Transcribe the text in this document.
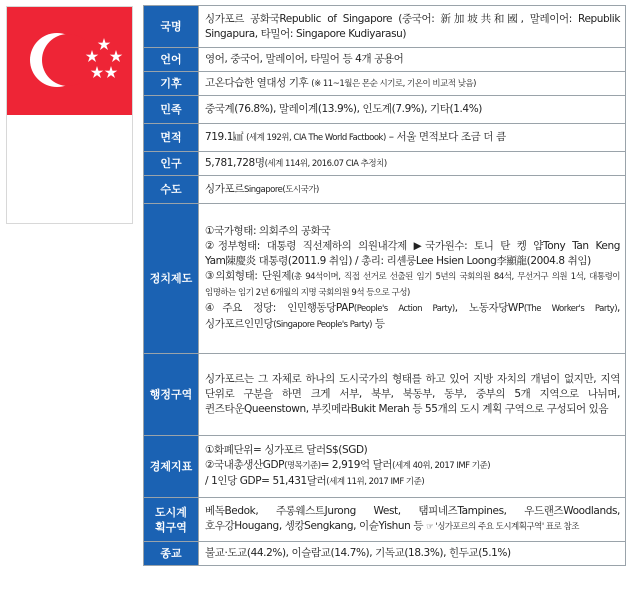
국명	싱가포르 공화국Republic of Singapore (중국어: 新加坡共和國, 말레이어: Republik Singapura, 타밀어: Singapore Kudiyarasu)
언어	영어, 중국어, 말레이어, 타밀어 등 4개 공용어
기후	고온다습한 열대성 기후 (※ 11~1월은 몬순 시기로, 기온이 비교적 낮음)
민족	중국계(76.8%), 말레이계(13.9%), 인도계(7.9%), 기타(1.4%)
면적	719.1㎢ (세계 192위, CIA The World Factbook) – 서울 면적보다 조금 더 큼
인구	5,781,728명(세계 114위, 2016.07 CIA 추정치)
수도	싱가포르Singapore(도시국가)
정치제도	①국가형태: 의회주의 공화국
②정부형태: 대통령 직선제하의 의원내각제 ▶국가원수: 토니 탄 켕 얌Tony Tan Keng Yam陳慶炎 대통령(2011.9 취임) / 총리: 리셴룽Lee Hsien Loong李顯龍(2004.8 취임)
③의회형태: 단원제(총 94석이며, 직접 선거로 선출된 임기 5년의 국회의원 84석, 무선거구 의원 1석, 대통령이 임명하는 임기 2년 6개월의 지명 국회의원 9석 등으로 구성)
④주요 정당: 인민행동당PAP(People's Action Party), 노동자당WP(The Worker's Party), 싱가포르인민당(Singapore People's Party) 등

행정구역	싱가포르는 그 자체로 하나의 도시국가의 형태를 하고 있어 지방 자치의 개념이 없지만, 지역 단위로 구분을 하면 크게 서부, 북부, 북동부, 동부, 중부의 5개 지역으로 나뉘며, 퀸즈타운Queenstown, 부킷메라Bukit Merah 등 55개의 도시 계획 구역으로 구성되어 있음
경제지표	①화폐단위= 싱가포르 달러S$(SGD)
②국내총생산GDP(명목기준)= 2,919억 달러(세계 40위, 2017 IMF 기준)
/ 1인당 GDP= 51,431달러(세계 11위, 2017 IMF 기준)

도시계
획구역	베독Bedok, 주롱웨스트Jurong West, 탬피네즈Tampines, 우드랜즈Woodlands, 호우강Hougang, 셍캉Sengkang, 이슌Yishun 등 ☞ '싱가포르의 주요 도시계획구역' 표로 참조
종교	불교·도교(44.2%), 이슬람교(14.7%), 기독교(18.3%), 힌두교(5.1%)
